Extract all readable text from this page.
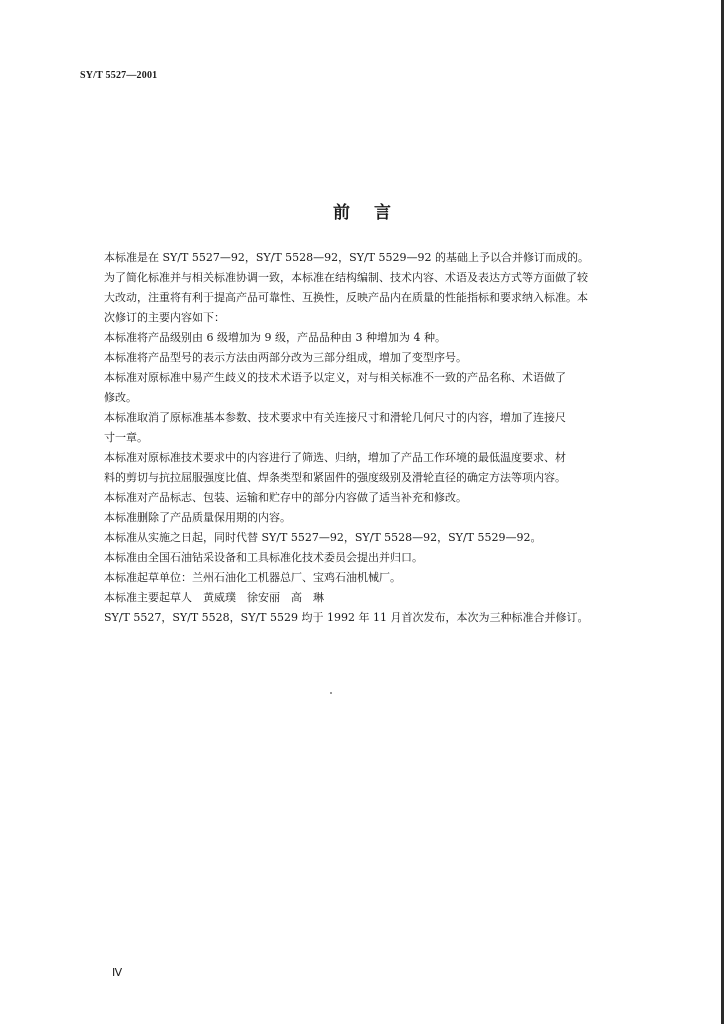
SY/T 5527—2001
前言

本标准是在 SY/T 5527—92，SY/T 5528—92，SY/T 5529—92 的基础上予以合并修订而成的。
为了简化标准并与相关标准协调一致，本标准在结构编制、技术内容、术语及表达方式等方面做了较
大改动，注重将有利于提高产品可靠性、互换性，反映产品内在质量的性能指标和要求纳入标准。本
次修订的主要内容如下：

本标准将产品级别由 6 级增加为 9 级，产品品种由 3 种增加为 4 种。

本标准将产品型号的表示方法由两部分改为三部分组成，增加了变型序号。

本标准对原标准中易产生歧义的技术术语予以定义，对与相关标准不一致的产品名称、术语做了
修改。

本标准取消了原标准基本参数、技术要求中有关连接尺寸和滑轮几何尺寸的内容，增加了连接尺
寸一章。

本标准对原标准技术要求中的内容进行了筛选、归纳，增加了产品工作环境的最低温度要求、材
料的剪切与抗拉屈服强度比值、焊条类型和紧固件的强度级别及滑轮直径的确定方法等项内容。

本标准对产品标志、包装、运输和贮存中的部分内容做了适当补充和修改。

本标准删除了产品质量保用期的内容。

本标准从实施之日起，同时代替 SY/T 5527—92，SY/T 5528—92，SY/T 5529—92。

本标准由全国石油钻采设备和工具标准化技术委员会提出并归口。

本标准起草单位：兰州石油化工机器总厂、宝鸡石油机械厂。

本标准主要起草人　黄威璞　徐安丽　高　琳

SY/T 5527，SY/T 5528，SY/T 5529 均于 1992 年 11 月首次发布，本次为三种标准合并修订。

Ⅳ
